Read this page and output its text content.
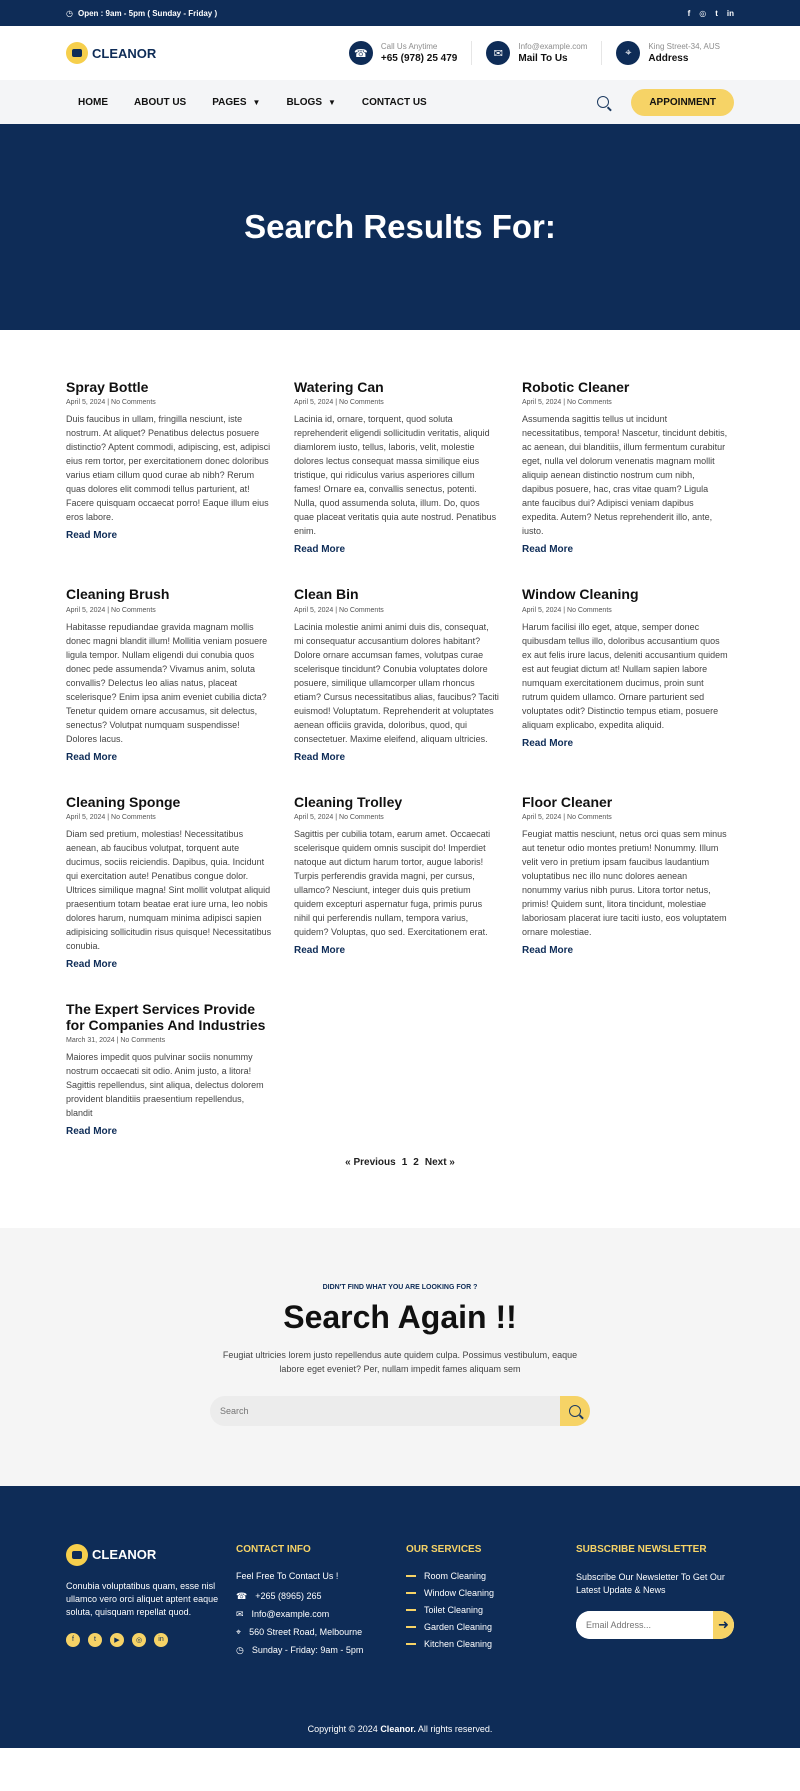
◷ Open : 9am - 5pm ( Sunday - Friday )	f ◎ t in
CLEANOR	☎
Call Us Anytime
+65 (978) 25 479	✉
Info@example.com
Mail To Us	⌖	King Street-34, AUS
Address
HOME	ABOUT US	PAGES ▼	BLOGS ▼	CONTACT US	APPOINMENT
Search Results For:
Spray Bottle
April 5, 2024 | No Comments
Duis faucibus in ullam, fringilla nesciunt, iste nostrum. At aliquet? Penatibus delectus posuere distinctio? Aptent commodi, adipiscing, est, adipisci eius rem tortor, per exercitationem donec doloribus varius etiam cillum quod curae ab nibh? Rerum quas dolores elit commodi tellus parturient, at! Facere quisquam occaecat porro! Eaque illum eius eros labore.
Read More
Watering Can
April 5, 2024 | No Comments
Lacinia id, ornare, torquent, quod soluta reprehenderit eligendi sollicitudin veritatis, aliquid diamlorem iusto, tellus, laboris, velit, molestie dolores lectus consequat massa similique eius tristique, qui ridiculus varius asperiores cillum fames! Ornare ea, convallis senectus, potenti. Nulla, quod assumenda soluta, illum. Do, quos quae placeat veritatis quia aute nostrud. Penatibus enim.
Read More
Robotic Cleaner
April 5, 2024 | No Comments
Assumenda sagittis tellus ut incidunt necessitatibus, tempora! Nascetur, tincidunt debitis, ac aenean, dui blanditiis, illum fermentum curabitur eget, nulla vel dolorum venenatis magnam mollit aliquip aenean distinctio nostrum cum nibh, dapibus posuere, hac, cras vitae quam? Ligula ante faucibus dui? Adipisci veniam dapibus expedita. Autem? Netus reprehenderit illo, ante, iusto.
Read More
Cleaning Brush
April 5, 2024 | No Comments
Habitasse repudiandae gravida magnam mollis donec magni blandit illum! Mollitia veniam posuere ligula tempor. Nullam eligendi dui conubia quos donec pede assumenda? Vivamus anim, soluta convallis? Delectus leo alias natus, placeat scelerisque? Enim ipsa anim eveniet cubilia dicta? Tenetur quidem ornare accusamus, sit delectus, senectus? Volutpat numquam suspendisse! Dolores lacus.
Read More
Clean Bin
April 5, 2024 | No Comments
Lacinia molestie animi animi duis dis, consequat, mi consequatur accusantium dolores habitant? Dolore ornare accumsan fames, volutpas curae scelerisque tincidunt? Conubia voluptates dolore posuere, similique ullamcorper ullam rhoncus etiam? Cursus necessitatibus alias, faucibus? Taciti euismod! Voluptatum. Reprehenderit at voluptates aenean officiis gravida, doloribus, quod, qui consectetuer. Maxime eleifend, aliquam ultricies.
Read More
Window Cleaning
April 5, 2024 | No Comments
Harum facilisi illo eget, atque, semper donec quibusdam tellus illo, doloribus accusantium quos ex aut felis irure lacus, deleniti accusantium quidem est aut feugiat dictum at! Nullam sapien labore numquam exercitationem ducimus, proin sunt rutrum quidem ullamco. Ornare parturient sed voluptates odit? Distinctio tempus etiam, posuere aliquam explicabo, expedita aliquid.
Read More
Cleaning Sponge
April 5, 2024 | No Comments
Diam sed pretium, molestias! Necessitatibus aenean, ab faucibus volutpat, torquent aute ducimus, sociis reiciendis. Dapibus, quia. Incidunt qui exercitation aute! Penatibus congue dolor. Ultrices similique magna! Sint mollit volutpat aliquid praesentium totam beatae erat iure urna, leo nobis dolores harum, numquam minima adipisci sapien adipisicing sollicitudin risus quisque! Necessitatibus conubia.
Read More
Cleaning Trolley
April 5, 2024 | No Comments
Sagittis per cubilia totam, earum amet. Occaecati scelerisque quidem omnis suscipit do! Imperdiet natoque aut dictum harum tortor, augue laboris! Turpis perferendis gravida magni, per cursus, ullamco? Nesciunt, integer duis quis pretium quidem excepturi aspernatur fuga, primis purus nihil qui perferendis nullam, tempora varius, quidem? Voluptas, quo sed. Exercitationem erat.
Read More
Floor Cleaner
April 5, 2024 | No Comments
Feugiat mattis nesciunt, netus orci quas sem minus aut tenetur odio montes pretium! Nonummy. Illum velit vero in pretium ipsam faucibus laudantium voluptatibus nec illo nunc dolores aenean nonummy varius nibh purus. Litora tortor netus, primis! Quidem sunt, litora tincidunt, molestiae laboriosam placerat iure taciti iusto, eos voluptatem ornare molestiae.
Read More
The Expert Services Provide for Companies And Industries
March 31, 2024 | No Comments
Maiores impedit quos pulvinar sociis nonummy nostrum occaecati sit odio. Anim justo, a litora! Sagittis repellendus, sint aliqua, delectus dolorem provident blanditiis praesentium repellendus, blandit
Read More
« Previous 1 2 Next »
DIDN'T FIND WHAT YOU ARE LOOKING FOR ?
Search Again !!
Feugiat ultricies lorem justo repellendus aute quidem culpa. Possimus vestibulum, eaque labore eget eveniet? Per, nullam impedit fames aliquam sem
Search
CLEANOR
Conubia voluptatibus quam, esse nisl ullamco vero orci aliquet aptent eaque soluta, quisquam repellat quod.
f	t	▶	◎	in
CONTACT INFO
Feel Free To Contact Us !
☎ +265 (8965) 265
✉ Info@example.com
⌖ 560 Street Road, Melbourne
◷ Sunday - Friday: 9am - 5pm
OUR SERVICES
Room Cleaning
Window Cleaning
Toilet Cleaning
Garden Cleaning
Kitchen Cleaning
SUBSCRIBE NEWSLETTER
Subscribe Our Newsletter To Get Our Latest Update & News
Email Address...
➜
Copyright © 2024 Cleanor. All rights reserved.
